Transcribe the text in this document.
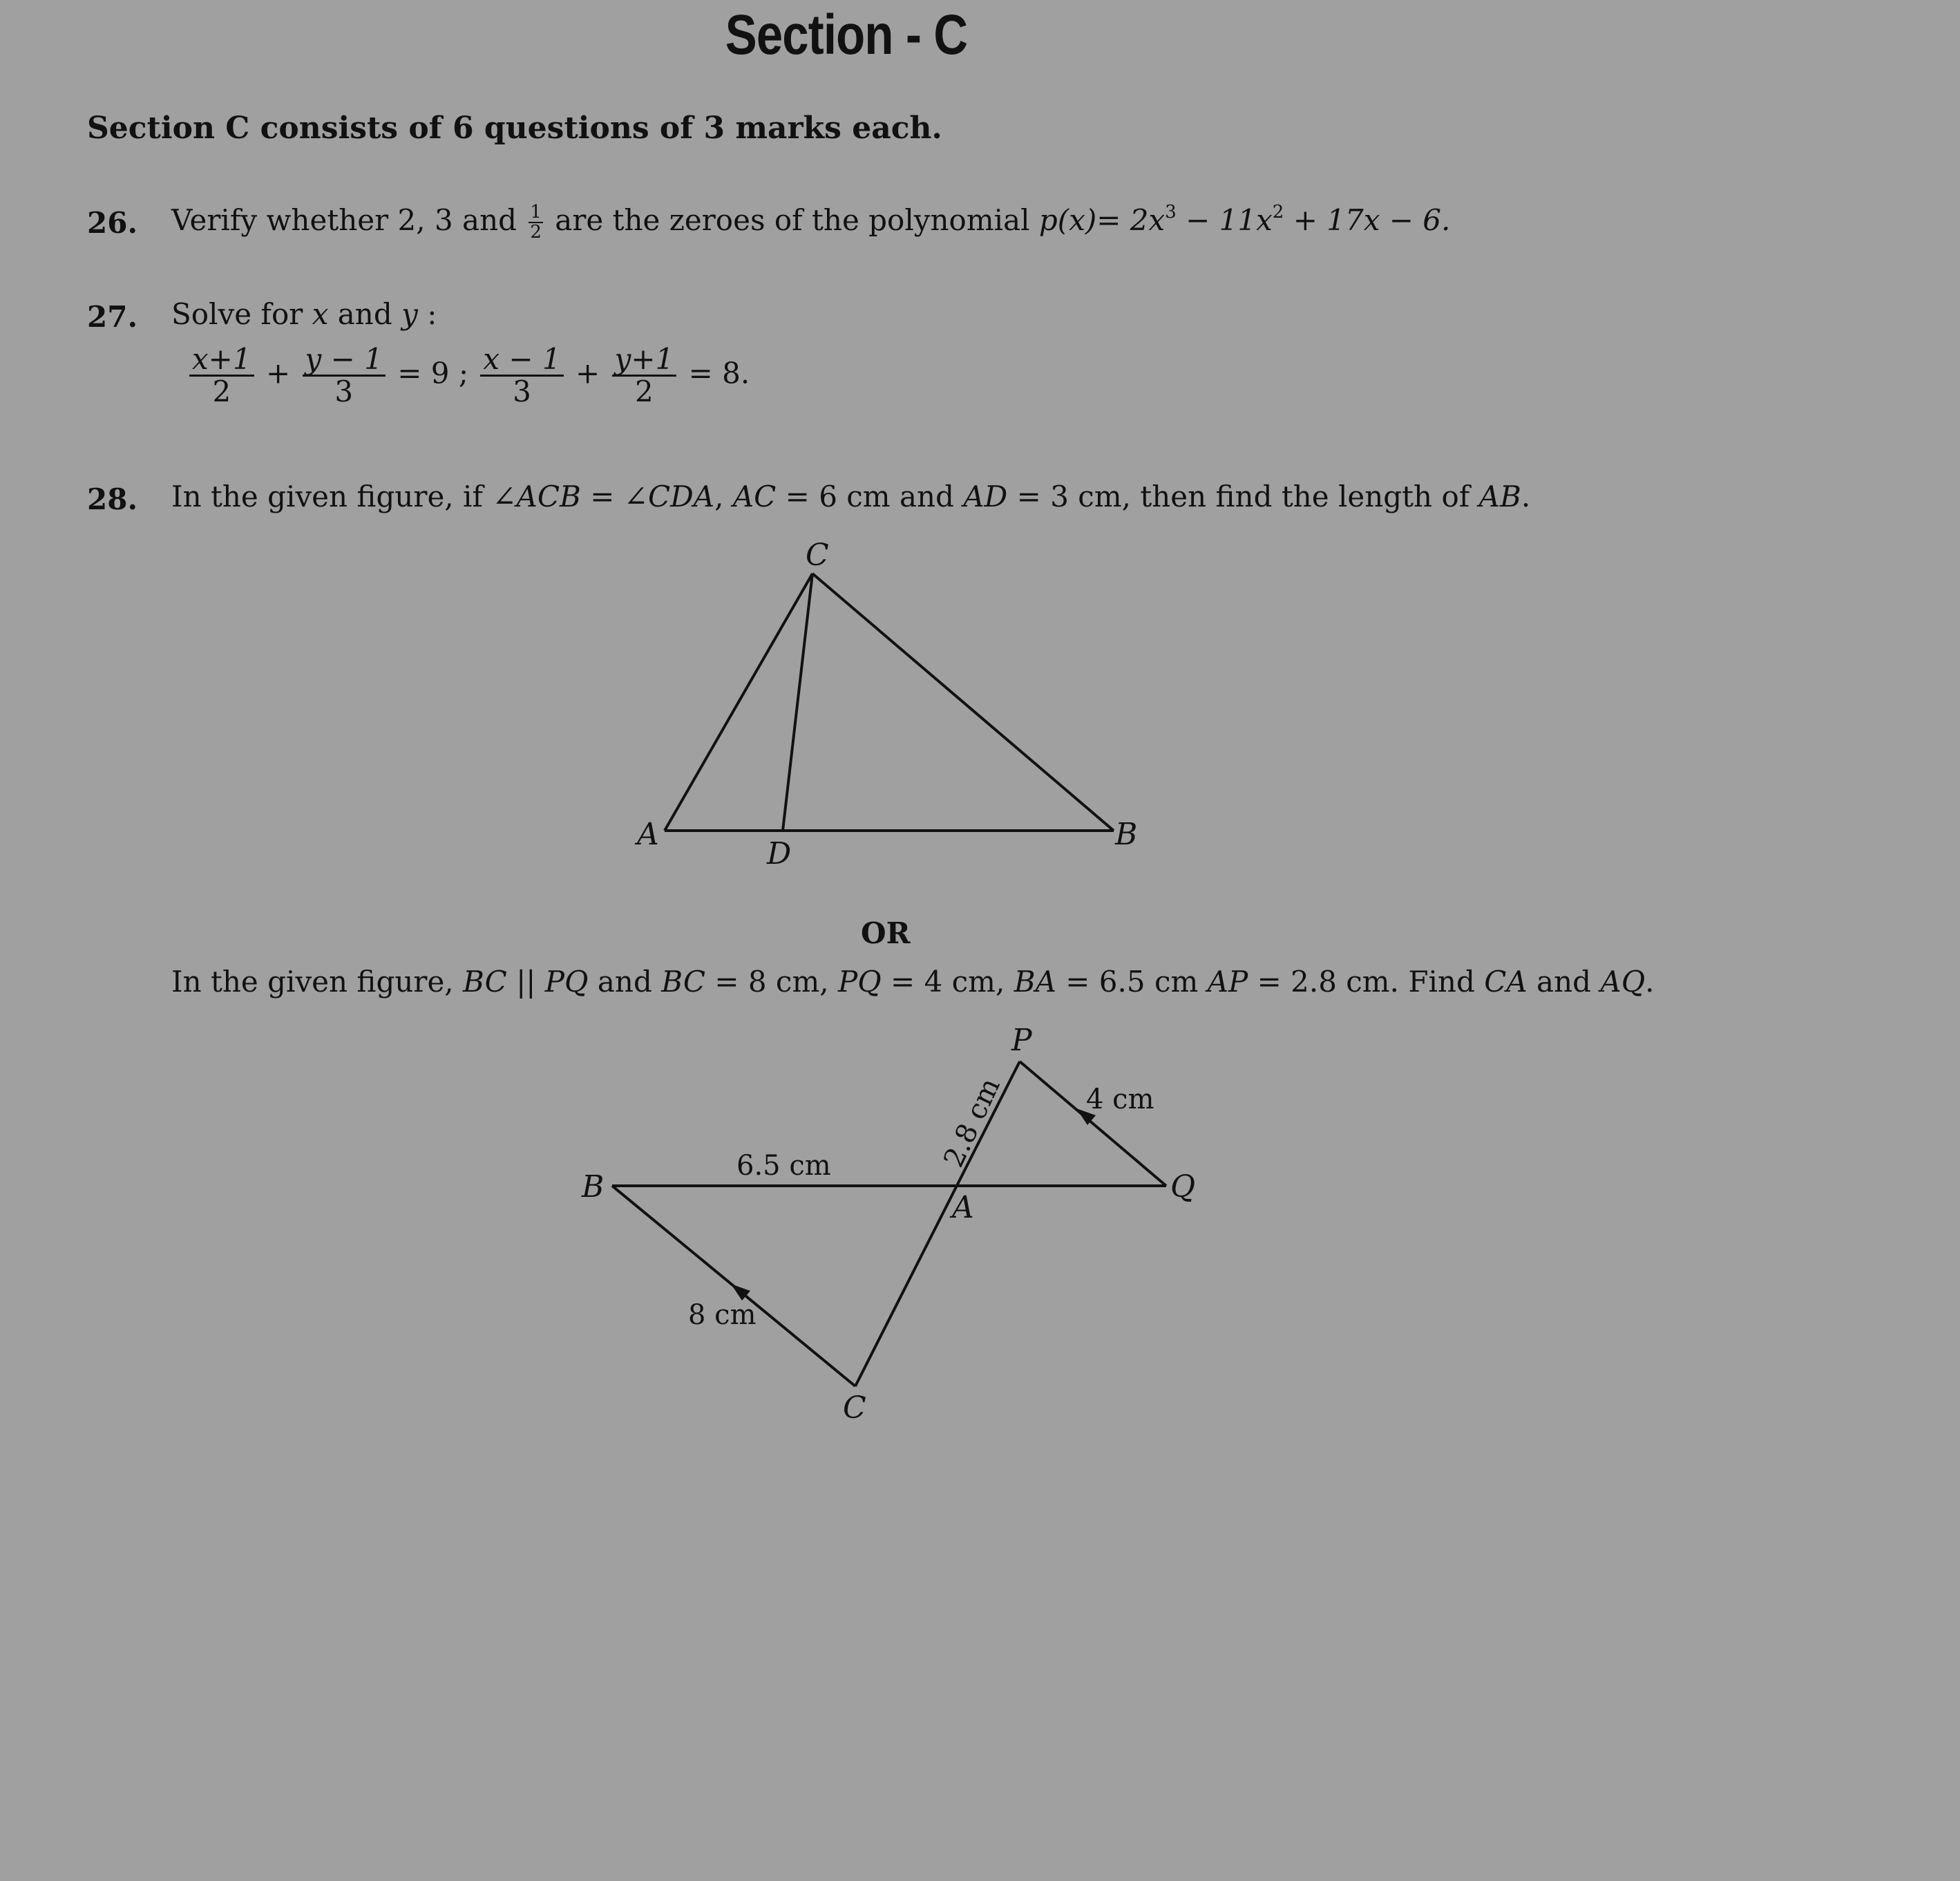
Section - C
Section C consists of 6 questions of 3 marks each.
26. Verify whether 2, 3 and $\frac{1}{2}$ are the zeroes of the polynomial $p(x)= 2x^3 - 11x^2 + 17x - 6$.
27. Solve for x and y :
$\frac{x+1}{2} + \frac{y - 1}{3} = 9$ ; $\frac{x - 1}{3} + \frac{y+1}{2} = 8$.
28. In the given figure, if ∠ACB = ∠CDA, AC = 6 cm and AD = 3 cm, then find the length of AB.
C
A
D
B
P
Q
B
A
C
4 cm
6.5 cm
8 cm
2.8 cm
OR
In the given figure, BC || PQ and BC = 8 cm, PQ = 4 cm, BA = 6.5 cm AP = 2.8 cm. Find CA and AQ.
